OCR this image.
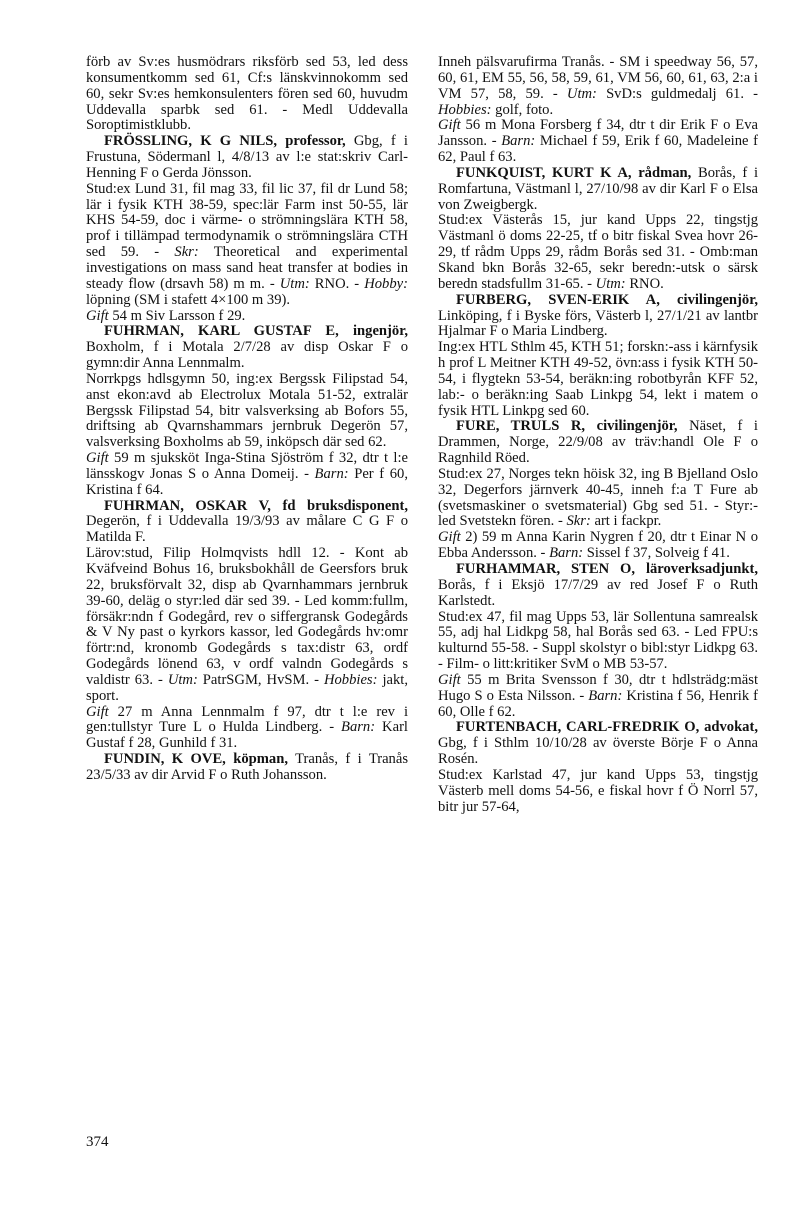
förb av Sv:es husmödrars riksförb sed 53, led dess konsumentkomm sed 61, Cf:s länskvinnokomm sed 60, sekr Sv:es hemkonsulenters fören sed 60, huvudm Uddevalla sparbk sed 61. - Medl Uddevalla Soroptimistklubb.

FRÖSSLING, K G NILS, professor, Gbg, f i Frustuna, Södermanl l, 4/8/13 av l:e stat:skriv Carl-Henning F o Gerda Jönsson.

Stud:ex Lund 31, fil mag 33, fil lic 37, fil dr Lund 58; lär i fysik KTH 38-59, spec:lär Farm inst 50-55, lär KHS 54-59, doc i värme- o strömningslära KTH 58, prof i tillämpad termodynamik o strömningslära CTH sed 59. - Skr: Theoretical and experimental investigations on mass sand heat transfer at bodies in steady flow (drsavh 58) m m. - Utm: RNO. - Hobby: löpning (SM i stafett 4×100 m 39).

Gift 54 m Siv Larsson f 29.

FUHRMAN, KARL GUSTAF E, ingenjör, Boxholm, f i Motala 2/7/28 av disp Oskar F o gymn:dir Anna Lennmalm.

Norrkpgs hdlsgymn 50, ing:ex Bergssk Filipstad 54, anst ekon:avd ab Electrolux Motala 51-52, extralär Bergssk Filipstad 54, bitr valsverksing ab Bofors 55, driftsing ab Qvarnshammars jernbruk Degerön 57, valsverksing Boxholms ab 59, inköpsch där sed 62.

Gift 59 m sjuksköt Inga-Stina Sjöström f 32, dtr t l:e länsskogv Jonas S o Anna Domeij. - Barn: Per f 60, Kristina f 64.

FUHRMAN, OSKAR V, fd bruksdisponent, Degerön, f i Uddevalla 19/3/93 av målare C G F o Matilda F.

Lärov:stud, Filip Holmqvists hdll 12. - Kont ab Kväfveind Bohus 16, bruksbokhåll de Geersfors bruk 22, bruksförvalt 32, disp ab Qvarnhammars jernbruk 39-60, deläg o styr:led där sed 39. - Led komm:fullm, försäkr:ndn f Godegård, rev o siffergransk Godegårds & V Ny past o kyrkors kassor, led Godegårds hv:omr förtr:nd, kronomb Godegårds s tax:distr 63, ordf Godegårds lönend 63, v ordf valndn Godegårds s valdistr 63. - Utm: PatrSGM, HvSM. - Hobbies: jakt, sport.

Gift 27 m Anna Lennmalm f 97, dtr t l:e rev i gen:tullstyr Ture L o Hulda Lindberg. - Barn: Karl Gustaf f 28, Gunhild f 31.

FUNDIN, K OVE, köpman, Tranås, f i Tranås 23/5/33 av dir Arvid F o Ruth Johansson.

Inneh pälsvarufirma Tranås. - SM i speedway 56, 57, 60, 61, EM 55, 56, 58, 59, 61, VM 56, 60, 61, 63, 2:a i VM 57, 58, 59. - Utm: SvD:s guldmedalj 61. - Hobbies: golf, foto.

Gift 56 m Mona Forsberg f 34, dtr t dir Erik F o Eva Jansson. - Barn: Michael f 59, Erik f 60, Madeleine f 62, Paul f 63.

FUNKQUIST, KURT K A, rådman, Borås, f i Romfartuna, Västmanl l, 27/10/98 av dir Karl F o Elsa von Zweigbergk.

Stud:ex Västerås 15, jur kand Upps 22, tingstjg Västmanl ö doms 22-25, tf o bitr fiskal Svea hovr 26-29, tf rådm Upps 29, rådm Borås sed 31. - Omb:man Skand bkn Borås 32-65, sekr beredn:-utsk o särsk beredn stadsfullm 31-65. - Utm: RNO.

FURBERG, SVEN-ERIK A, civilingenjör, Linköping, f i Byske förs, Västerb l, 27/1/21 av lantbr Hjalmar F o Maria Lindberg.

Ing:ex HTL Sthlm 45, KTH 51; forskn:-ass i kärnfysik h prof L Meitner KTH 49-52, övn:ass i fysik KTH 50-54, i flygtekn 53-54, beräkn:ing robotbyrån KFF 52, lab:- o beräkn:ing Saab Linkpg 54, lekt i matem o fysik HTL Linkpg sed 60.

FURE, TRULS R, civilingenjör, Näset, f i Drammen, Norge, 22/9/08 av träv:handl Ole F o Ragnhild Röed.

Stud:ex 27, Norges tekn höisk 32, ing B Bjelland Oslo 32, Degerfors järnverk 40-45, inneh f:a T Fure ab (svetsmaskiner o svetsmaterial) Gbg sed 51. - Styr:-led Svetstekn fören. - Skr: art i fackpr.

Gift 2) 59 m Anna Karin Nygren f 20, dtr t Einar N o Ebba Andersson. - Barn: Sissel f 37, Solveig f 41.

FURHAMMAR, STEN O, läroverksadjunkt, Borås, f i Eksjö 17/7/29 av red Josef F o Ruth Karlstedt.

Stud:ex 47, fil mag Upps 53, lär Sollentuna samrealsk 55, adj hal Lidkpg 58, hal Borås sed 63. - Led FPU:s kulturnd 55-58. - Suppl skolstyr o bibl:styr Lidkpg 63. - Film- o litt:kritiker SvM o MB 53-57.

Gift 55 m Brita Svensson f 30, dtr t hdlsträdg:mäst Hugo S o Esta Nilsson. - Barn: Kristina f 56, Henrik f 60, Olle f 62.

FURTENBACH, CARL-FREDRIK O, advokat, Gbg, f i Sthlm 10/10/28 av överste Börje F o Anna Rosén.

Stud:ex Karlstad 47, jur kand Upps 53, tingstjg Västerb mell doms 54-56, e fiskal hovr f Ö Norrl 57, bitr jur 57-64,

374
